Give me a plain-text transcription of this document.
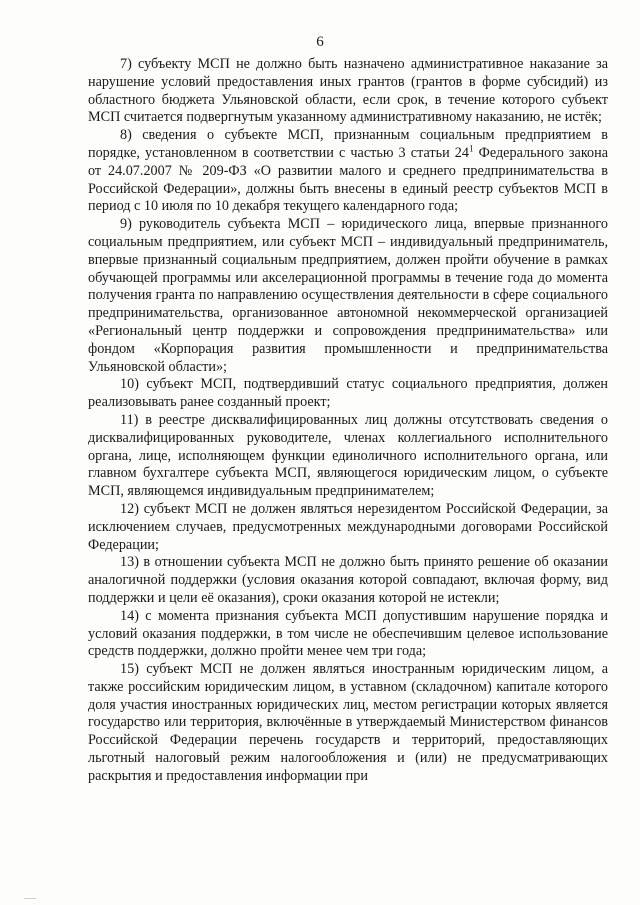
6

7) субъекту МСП не должно быть назначено административное наказание за нарушение условий предоставления иных грантов (грантов в форме субсидий) из областного бюджета Ульяновской области, если срок, в течение которого субъект МСП считается подвергнутым указанному административному наказанию, не истёк;

8) сведения о субъекте МСП, признанным социальным предприятием в порядке, установленном в соответствии с частью 3 статьи $24^1$ Федерального закона от 24.07.2007 № 209-ФЗ «О развитии малого и среднего предпринимательства в Российской Федерации», должны быть внесены в единый реестр субъектов МСП в период с 10 июля по 10 декабря текущего календарного года;

9) руководитель субъекта МСП – юридического лица, впервые признанного социальным предприятием, или субъект МСП – индивидуальный предприниматель, впервые признанный социальным предприятием, должен пройти обучение в рамках обучающей программы или акселерационной программы в течение года до момента получения гранта по направлению осуществления деятельности в сфере социального предпринимательства, организованное автономной некоммерческой организацией «Региональный центр поддержки и сопровождения предпринимательства» или фондом «Корпорация развития промышленности и предпринимательства Ульяновской области»;

10) субъект МСП, подтвердивший статус социального предприятия, должен реализовывать ранее созданный проект;

11) в реестре дисквалифицированных лиц должны отсутствовать сведения о дисквалифицированных руководителе, членах коллегиального исполнительного органа, лице, исполняющем функции единоличного исполнительного органа, или главном бухгалтере субъекта МСП, являющегося юридическим лицом, о субъекте МСП, являющемся индивидуальным предпринимателем;

12) субъект МСП не должен являться нерезидентом Российской Федерации, за исключением случаев, предусмотренных международными договорами Российской Федерации;

13) в отношении субъекта МСП не должно быть принято решение об оказании аналогичной поддержки (условия оказания которой совпадают, включая форму, вид поддержки и цели её оказания), сроки оказания которой не истекли;

14) с момента признания субъекта МСП допустившим нарушение порядка и условий оказания поддержки, в том числе не обеспечившим целевое использование средств поддержки, должно пройти менее чем три года;

15) субъект МСП не должен являться иностранным юридическим лицом, а также российским юридическим лицом, в уставном (складочном) капитале которого доля участия иностранных юридических лиц, местом регистрации которых является государство или территория, включённые в утверждаемый Министерством финансов Российской Федерации перечень государств и территорий, предоставляющих льготный налоговый режим налогообложения и (или) не предусматривающих раскрытия и предоставления информации при
